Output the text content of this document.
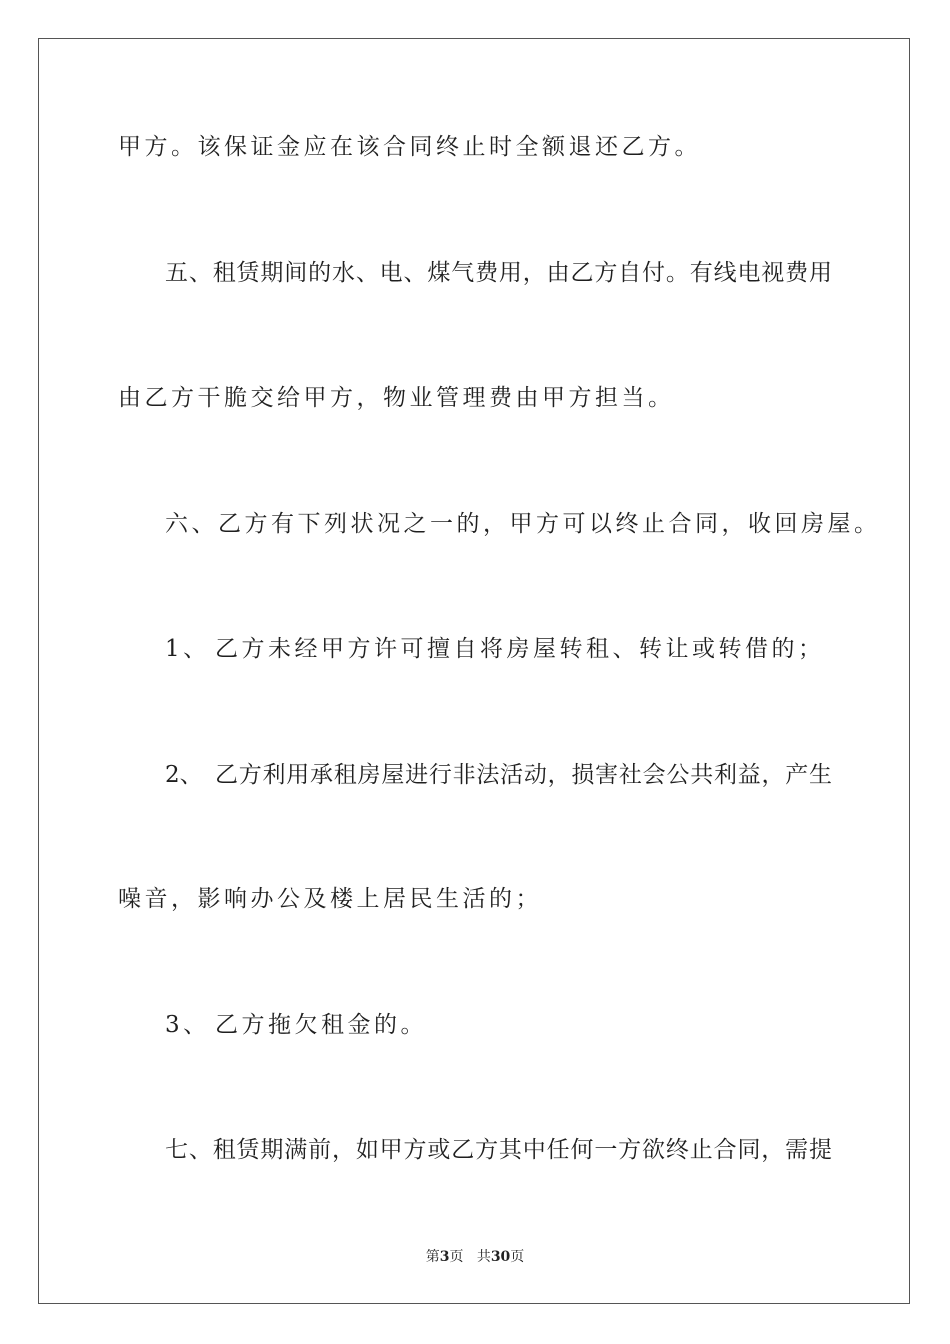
甲方。该保证金应在该合同终止时全额退还乙方。
五、租赁期间的水、电、煤气费用，由乙方自付。有线电视费用
由乙方干脆交给甲方，物业管理费由甲方担当。
六、乙方有下列状况之一的，甲方可以终止合同，收回房屋。
1、 乙方未经甲方许可擅自将房屋转租、转让或转借的；
2、 乙方利用承租房屋进行非法活动，损害社会公共利益，产生
噪音，影响办公及楼上居民生活的；
3、 乙方拖欠租金的。
七、租赁期满前，如甲方或乙方其中任何一方欲终止合同，需提
第3页 共30页
